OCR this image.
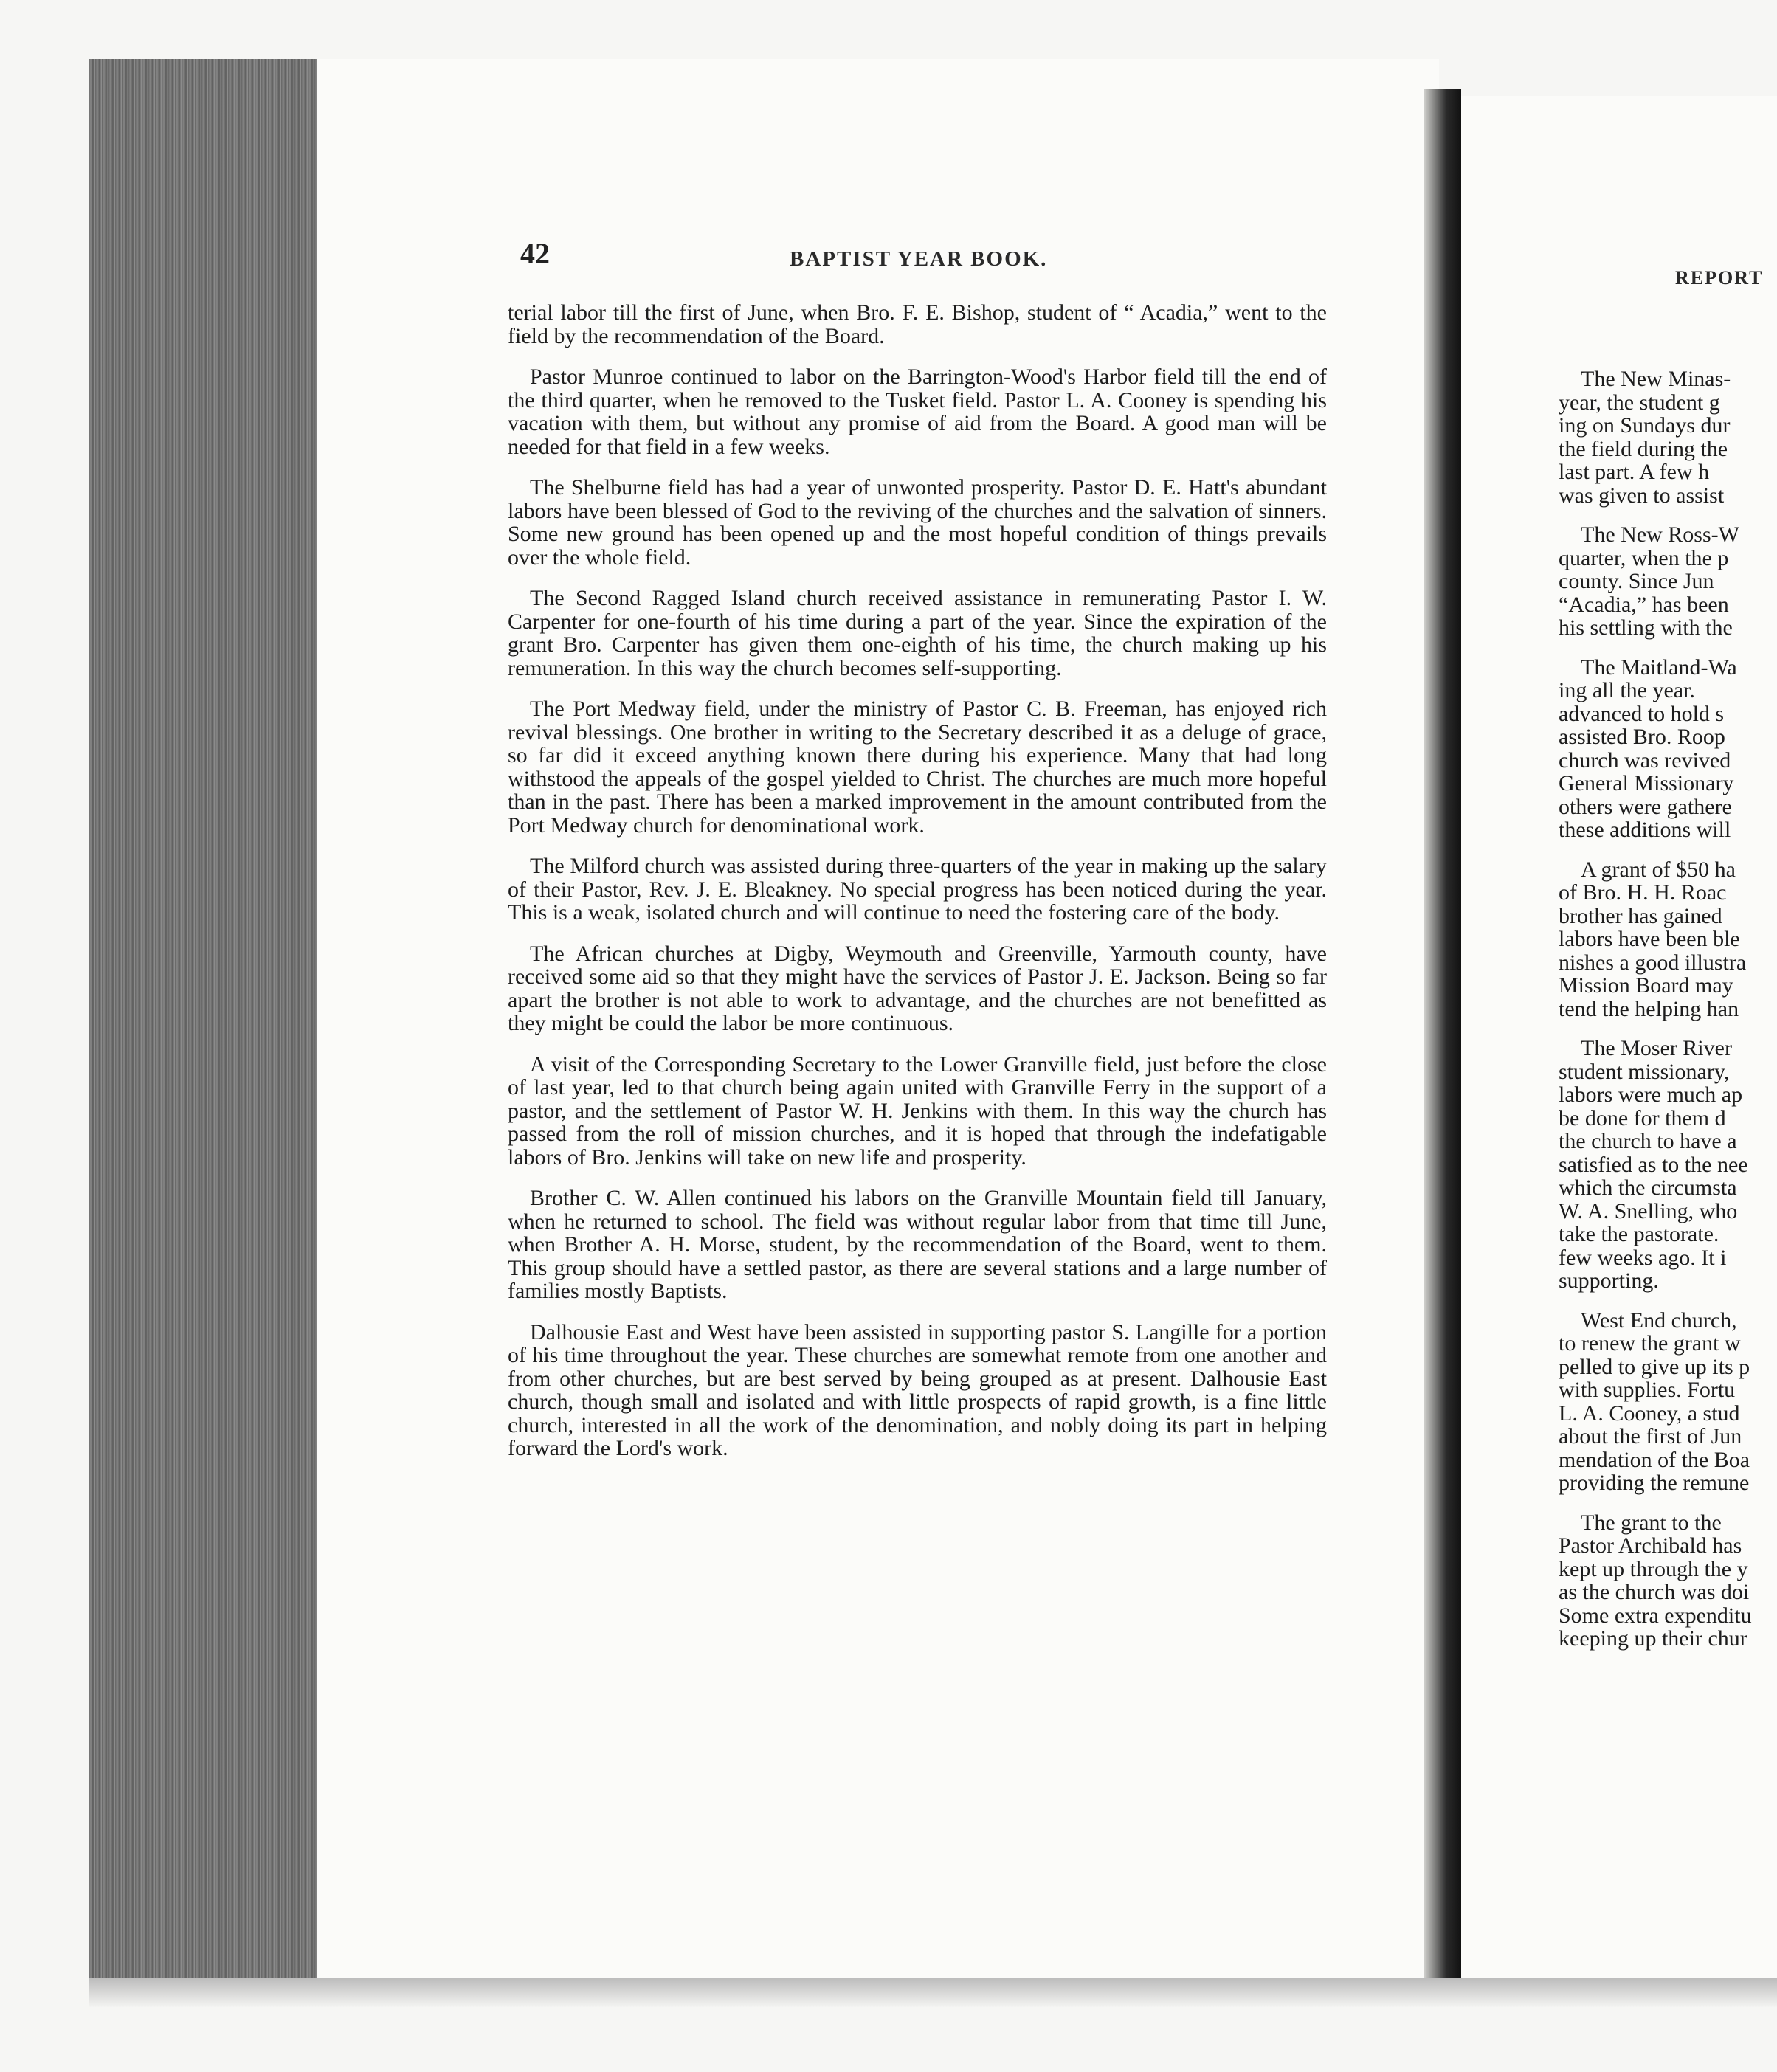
42	BAPTIST YEAR BOOK.

terial labor till the first of June, when Bro. F. E. Bishop, student of “ Acadia,” went to the field by the recommendation of the Board.

Pastor Munroe continued to labor on the Barrington-Wood's Harbor field till the end of the third quarter, when he removed to the Tusket field. Pastor L. A. Cooney is spending his vacation with them, but without any promise of aid from the Board. A good man will be needed for that field in a few weeks.

The Shelburne field has had a year of unwonted prosperity. Pastor D. E. Hatt's abundant labors have been blessed of God to the reviving of the churches and the salvation of sinners. Some new ground has been opened up and the most hopeful condition of things prevails over the whole field.

The Second Ragged Island church received assistance in remunerating Pastor I. W. Carpenter for one-fourth of his time during a part of the year. Since the expiration of the grant Bro. Carpenter has given them one-eighth of his time, the church making up his remuneration. In this way the church becomes self-supporting.

The Port Medway field, under the ministry of Pastor C. B. Freeman, has enjoyed rich revival blessings. One brother in writing to the Secretary described it as a deluge of grace, so far did it exceed anything known there during his experience. Many that had long withstood the appeals of the gospel yielded to Christ. The churches are much more hopeful than in the past. There has been a marked improvement in the amount contributed from the Port Medway church for denominational work.

The Milford church was assisted during three-quarters of the year in making up the salary of their Pastor, Rev. J. E. Bleakney. No special progress has been noticed during the year. This is a weak, isolated church and will continue to need the fostering care of the body.

The African churches at Digby, Weymouth and Greenville, Yarmouth county, have received some aid so that they might have the services of Pastor J. E. Jackson. Being so far apart the brother is not able to work to advantage, and the churches are not benefitted as they might be could the labor be more continuous.

A visit of the Corresponding Secretary to the Lower Granville field, just before the close of last year, led to that church being again united with Granville Ferry in the support of a pastor, and the settlement of Pastor W. H. Jenkins with them. In this way the church has passed from the roll of mission churches, and it is hoped that through the indefatigable labors of Bro. Jenkins will take on new life and prosperity.

Brother C. W. Allen continued his labors on the Granville Mountain field till January, when he returned to school. The field was without regular labor from that time till June, when Brother A. H. Morse, student, by the recommendation of the Board, went to them. This group should have a settled pastor, as there are several stations and a large number of families mostly Baptists.

Dalhousie East and West have been assisted in supporting pastor S. Langille for a portion of his time throughout the year. These churches are somewhat remote from one another and from other churches, but are best served by being grouped as at present. Dalhousie East church, though small and isolated and with little prospects of rapid growth, is a fine little church, interested in all the work of the denomination, and nobly doing its part in helping forward the Lord's work.

REPORT
The New Minas-
year, the student g
ing on Sundays dur
the field during the
last part. A few h
was given to assist
The New Ross-W
quarter, when the p
county. Since Jun
“Acadia,” has been
his settling with the
The Maitland-Wa
ing all the year.
advanced to hold s
assisted Bro. Roop
church was revived
General Missionary
others were gathere
these additions will
A grant of $50 ha
of Bro. H. H. Roac
brother has gained
labors have been ble
nishes a good illustra
Mission Board may
tend the helping han
The Moser River
student missionary,
labors were much ap
be done for them d
the church to have a
satisfied as to the nee
which the circumsta
W. A. Snelling, who
take the pastorate.
few weeks ago. It i
supporting.
West End church,
to renew the grant w
pelled to give up its p
with supplies. Fortu
L. A. Cooney, a stud
about the first of Jun
mendation of the Boa
providing the remune
The grant to the
Pastor Archibald has
kept up through the y
as the church was doi
Some extra expenditu
keeping up their chur
